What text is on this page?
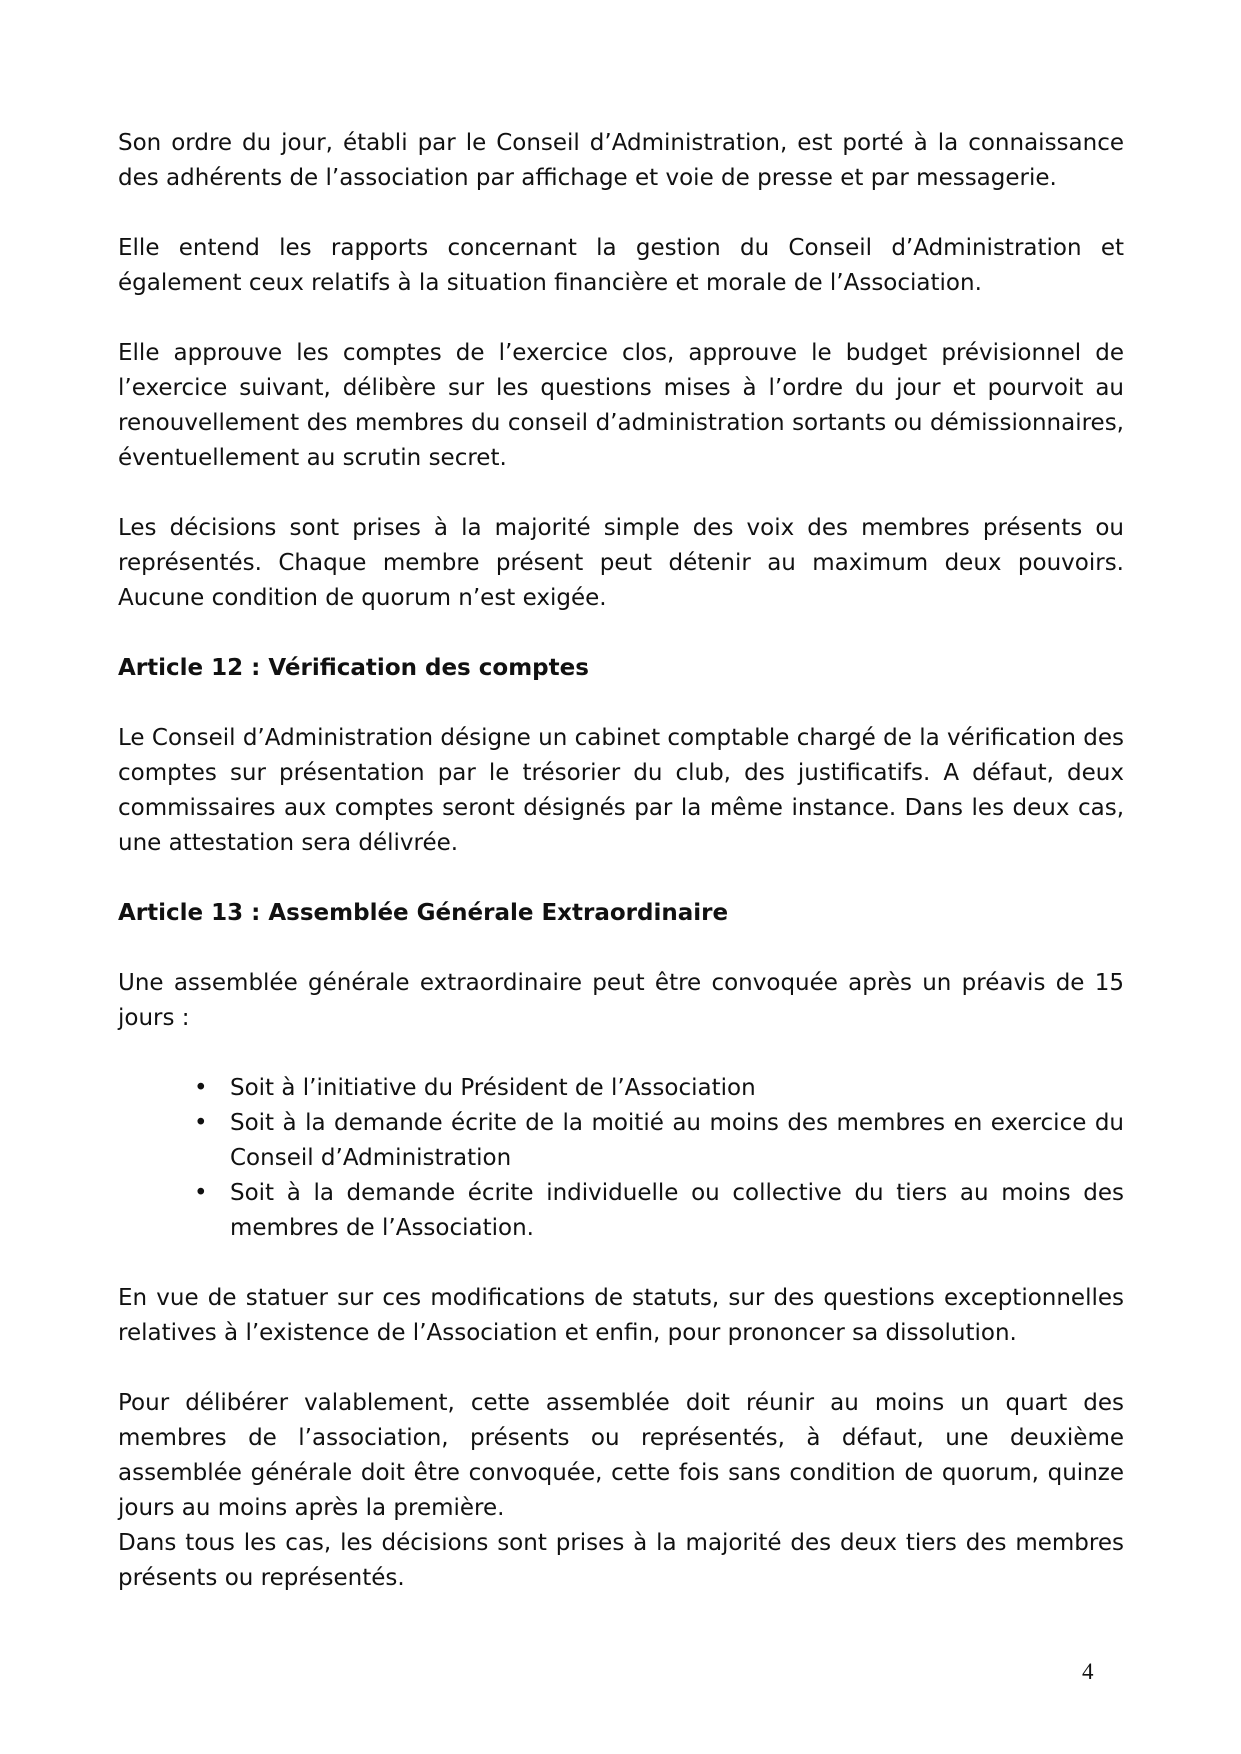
Son ordre du jour, établi par le Conseil d’Administration, est porté à la connaissance des adhérents de l’association par affichage et voie de presse et par messagerie.

Elle entend les rapports concernant la gestion du Conseil d’Administration et également ceux relatifs à la situation financière et morale de l’Association.

Elle approuve les comptes de l’exercice clos, approuve le budget prévisionnel de l’exercice suivant, délibère sur les questions mises à l’ordre du jour et pourvoit au renouvellement des membres du conseil d’administration sortants ou démissionnaires, éventuellement au scrutin secret.

Les décisions sont prises à la majorité simple des voix des membres présents ou représentés. Chaque membre présent peut détenir au maximum deux pouvoirs. Aucune condition de quorum n’est exigée.

Article 12 : Vérification des comptes

Le Conseil d’Administration désigne un cabinet comptable chargé de la vérification des comptes sur présentation par le trésorier du club, des justificatifs. A défaut, deux commissaires aux comptes seront désignés par la même instance. Dans les deux cas, une attestation sera délivrée.

Article 13 : Assemblée Générale Extraordinaire

Une assemblée générale extraordinaire peut être convoquée après un préavis de 15 jours :

• Soit à l’initiative du Président de l’Association
• Soit à la demande écrite de la moitié au moins des membres en exercice du Conseil d’Administration
• Soit à la demande écrite individuelle ou collective du tiers au moins des membres de l’Association.

En vue de statuer sur ces modifications de statuts, sur des questions exceptionnelles relatives à l’existence de l’Association et enfin, pour prononcer sa dissolution.

Pour délibérer valablement, cette assemblée doit réunir au moins un quart des membres de l’association, présents ou représentés, à défaut, une deuxième assemblée générale doit être convoquée, cette fois sans condition de quorum, quinze jours au moins après la première.

Dans tous les cas, les décisions sont prises à la majorité des deux tiers des membres présents ou représentés.

4
